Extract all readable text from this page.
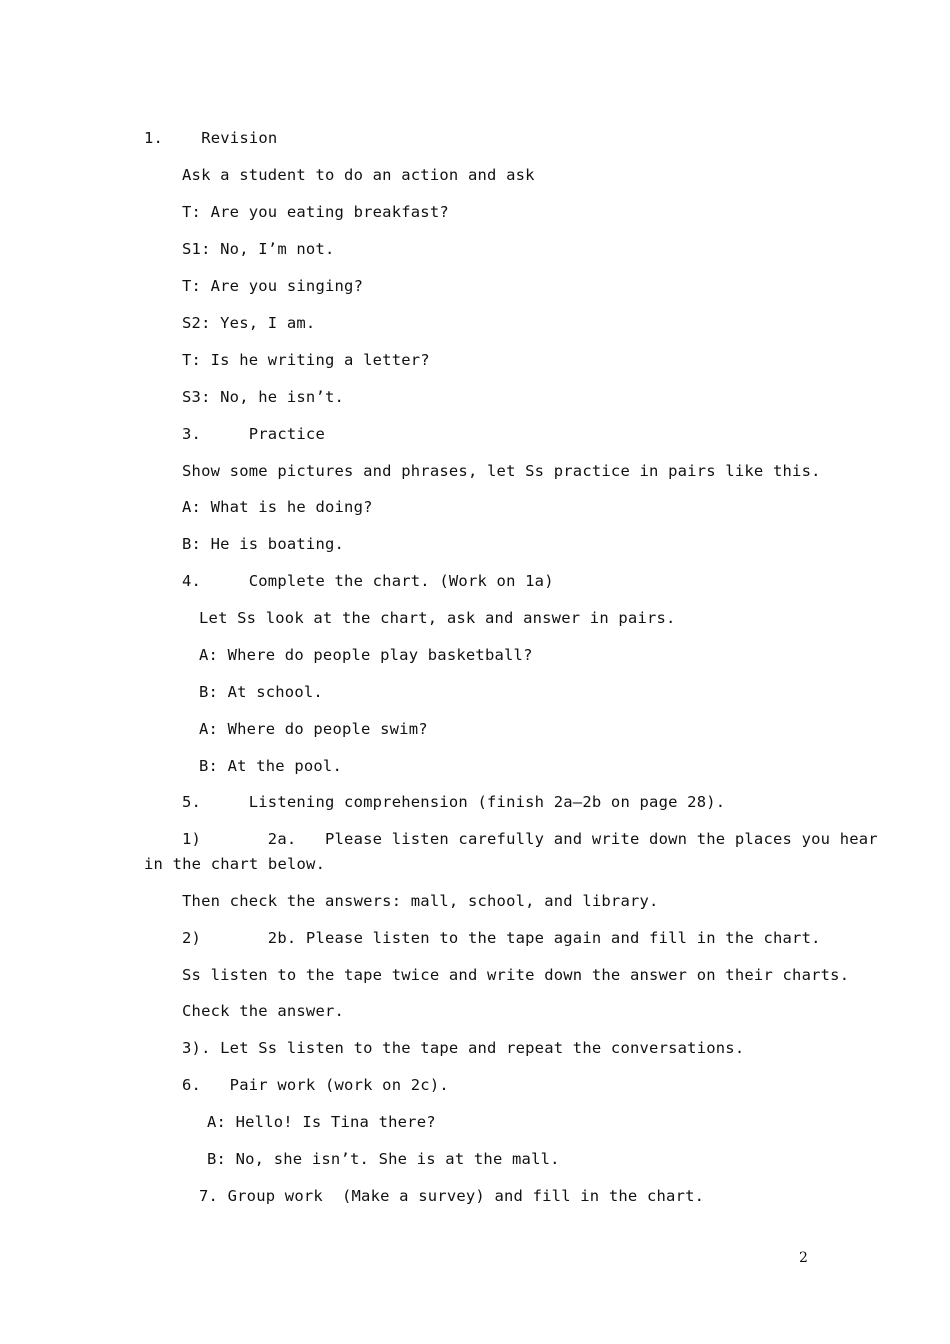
1.    Revision
Ask a student to do an action and ask
T: Are you eating breakfast?
S1: No, I’m not.
T: Are you singing?
S2: Yes, I am.
T: Is he writing a letter?
S3: No, he isn’t.
3.     Practice
Show some pictures and phrases, let Ss practice in pairs like this.
A: What is he doing?
B: He is boating.
4.     Complete the chart. (Work on 1a)
Let Ss look at the chart, ask and answer in pairs.
A: Where do people play basketball?
B: At school.
A: Where do people swim?
B: At the pool.
5.     Listening comprehension (finish 2a—2b on page 28).
1)       2a.   Please listen carefully and write down the places you hear
in the chart below.
Then check the answers: mall, school, and library.
2)       2b. Please listen to the tape again and fill in the chart.
Ss listen to the tape twice and write down the answer on their charts.
Check the answer.
3). Let Ss listen to the tape and repeat the conversations.
6.   Pair work (work on 2c).
A: Hello! Is Tina there?
B: No, she isn’t. She is at the mall.
7. Group work  (Make a survey) and fill in the chart.
2
